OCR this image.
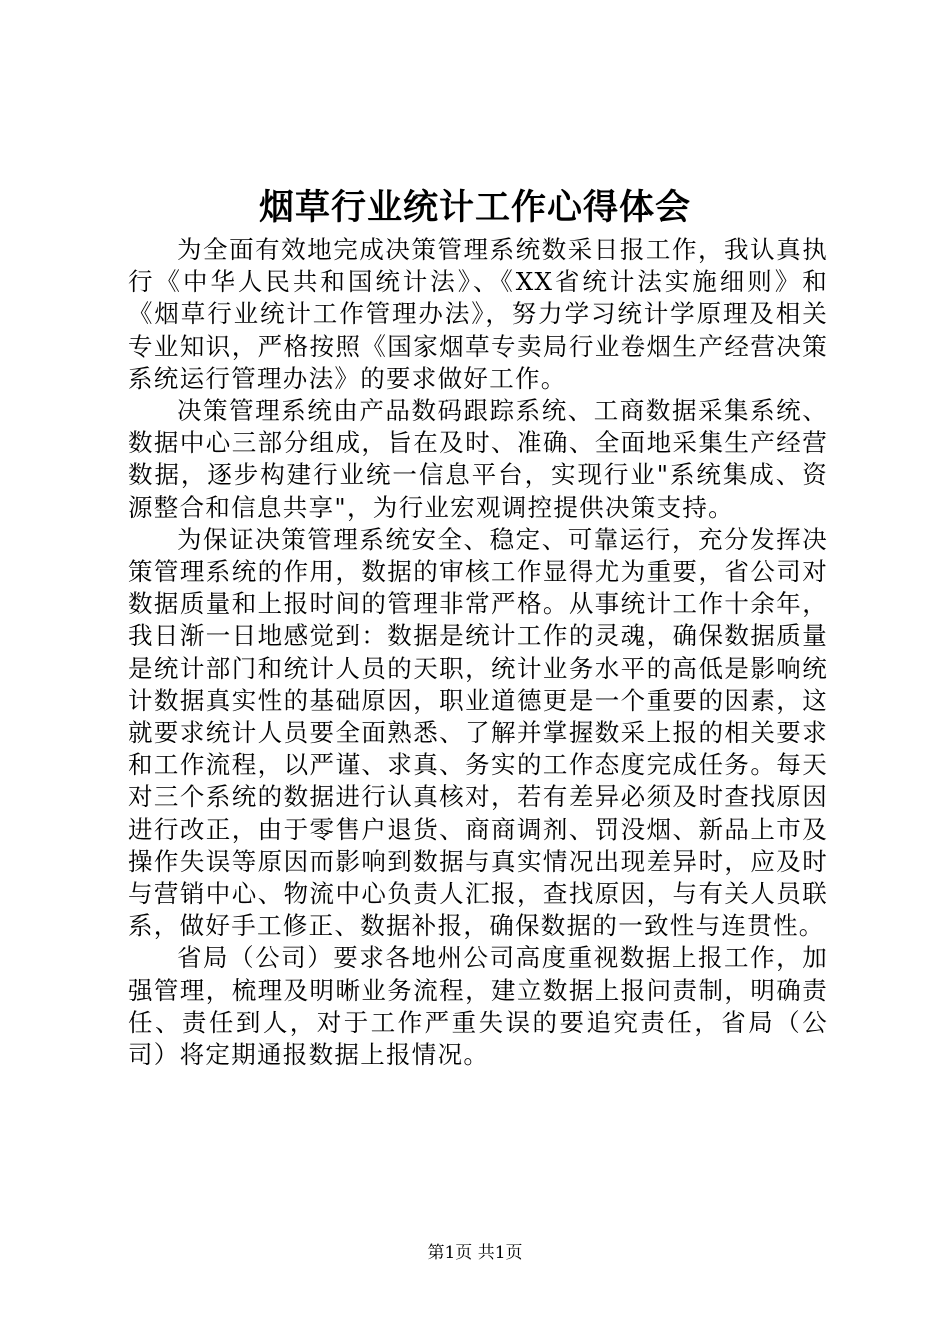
烟草行业统计工作心得体会

为全面有效地完成决策管理系统数采日报工作，我认真执行《中华人民共和国统计法》、《XX省统计法实施细则》和《烟草行业统计工作管理办法》，努力学习统计学原理及相关专业知识，严格按照《国家烟草专卖局行业卷烟生产经营决策系统运行管理办法》的要求做好工作。

决策管理系统由产品数码跟踪系统、工商数据采集系统、数据中心三部分组成，旨在及时、准确、全面地采集生产经营数据，逐步构建行业统一信息平台，实现行业"系统集成、资源整合和信息共享"，为行业宏观调控提供决策支持。

为保证决策管理系统安全、稳定、可靠运行，充分发挥决策管理系统的作用，数据的审核工作显得尤为重要，省公司对数据质量和上报时间的管理非常严格。从事统计工作十余年，我日渐一日地感觉到：数据是统计工作的灵魂，确保数据质量是统计部门和统计人员的天职，统计业务水平的高低是影响统计数据真实性的基础原因，职业道德更是一个重要的因素，这就要求统计人员要全面熟悉、了解并掌握数采上报的相关要求和工作流程，以严谨、求真、务实的工作态度完成任务。每天对三个系统的数据进行认真核对，若有差异必须及时查找原因进行改正，由于零售户退货、商商调剂、罚没烟、新品上市及操作失误等原因而影响到数据与真实情况出现差异时，应及时与营销中心、物流中心负责人汇报，查找原因，与有关人员联系，做好手工修正、数据补报，确保数据的一致性与连贯性。

省局（公司）要求各地州公司高度重视数据上报工作，加强管理，梳理及明晰业务流程，建立数据上报问责制，明确责任、责任到人，对于工作严重失误的要追究责任，省局（公司）将定期通报数据上报情况。

第1页 共1页
